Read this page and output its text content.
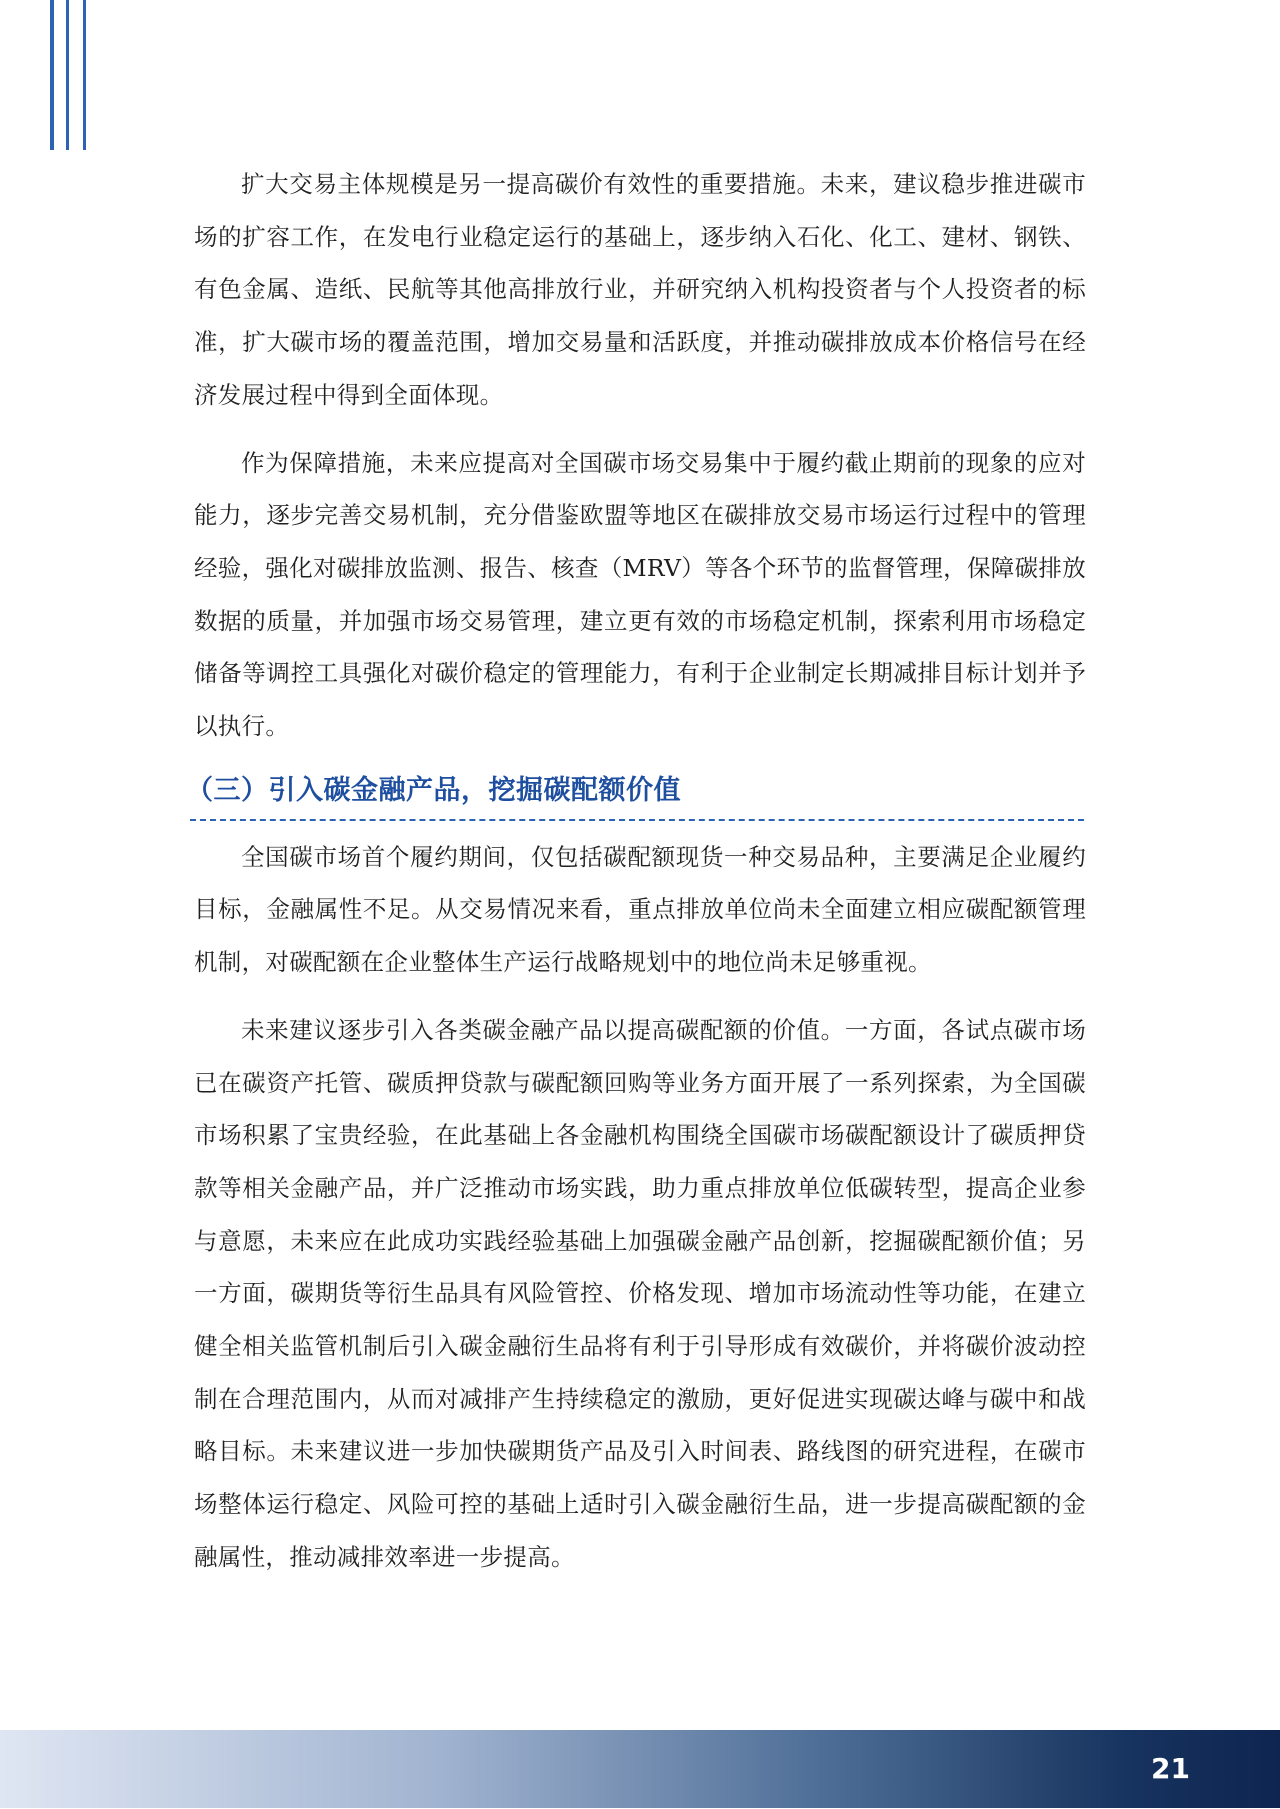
扩大交易主体规模是另一提高碳价有效性的重要措施。未来，建议稳步推进碳市场的扩容工作，在发电行业稳定运行的基础上，逐步纳入石化、化工、建材、钢铁、有色金属、造纸、民航等其他高排放行业，并研究纳入机构投资者与个人投资者的标准，扩大碳市场的覆盖范围，增加交易量和活跃度，并推动碳排放成本价格信号在经济发展过程中得到全面体现。

作为保障措施，未来应提高对全国碳市场交易集中于履约截止期前的现象的应对能力，逐步完善交易机制，充分借鉴欧盟等地区在碳排放交易市场运行过程中的管理经验，强化对碳排放监测、报告、核查（MRV）等各个环节的监督管理，保障碳排放数据的质量，并加强市场交易管理，建立更有效的市场稳定机制，探索利用市场稳定储备等调控工具强化对碳价稳定的管理能力，有利于企业制定长期减排目标计划并予以执行。

（三）引入碳金融产品，挖掘碳配额价值

全国碳市场首个履约期间，仅包括碳配额现货一种交易品种，主要满足企业履约目标，金融属性不足。从交易情况来看，重点排放单位尚未全面建立相应碳配额管理机制，对碳配额在企业整体生产运行战略规划中的地位尚未足够重视。

未来建议逐步引入各类碳金融产品以提高碳配额的价值。一方面，各试点碳市场已在碳资产托管、碳质押贷款与碳配额回购等业务方面开展了一系列探索，为全国碳市场积累了宝贵经验，在此基础上各金融机构围绕全国碳市场碳配额设计了碳质押贷款等相关金融产品，并广泛推动市场实践，助力重点排放单位低碳转型，提高企业参与意愿，未来应在此成功实践经验基础上加强碳金融产品创新，挖掘碳配额价值；另一方面，碳期货等衍生品具有风险管控、价格发现、增加市场流动性等功能，在建立健全相关监管机制后引入碳金融衍生品将有利于引导形成有效碳价，并将碳价波动控制在合理范围内，从而对减排产生持续稳定的激励，更好促进实现碳达峰与碳中和战略目标。未来建议进一步加快碳期货产品及引入时间表、路线图的研究进程，在碳市场整体运行稳定、风险可控的基础上适时引入碳金融衍生品，进一步提高碳配额的金融属性，推动减排效率进一步提高。

21
